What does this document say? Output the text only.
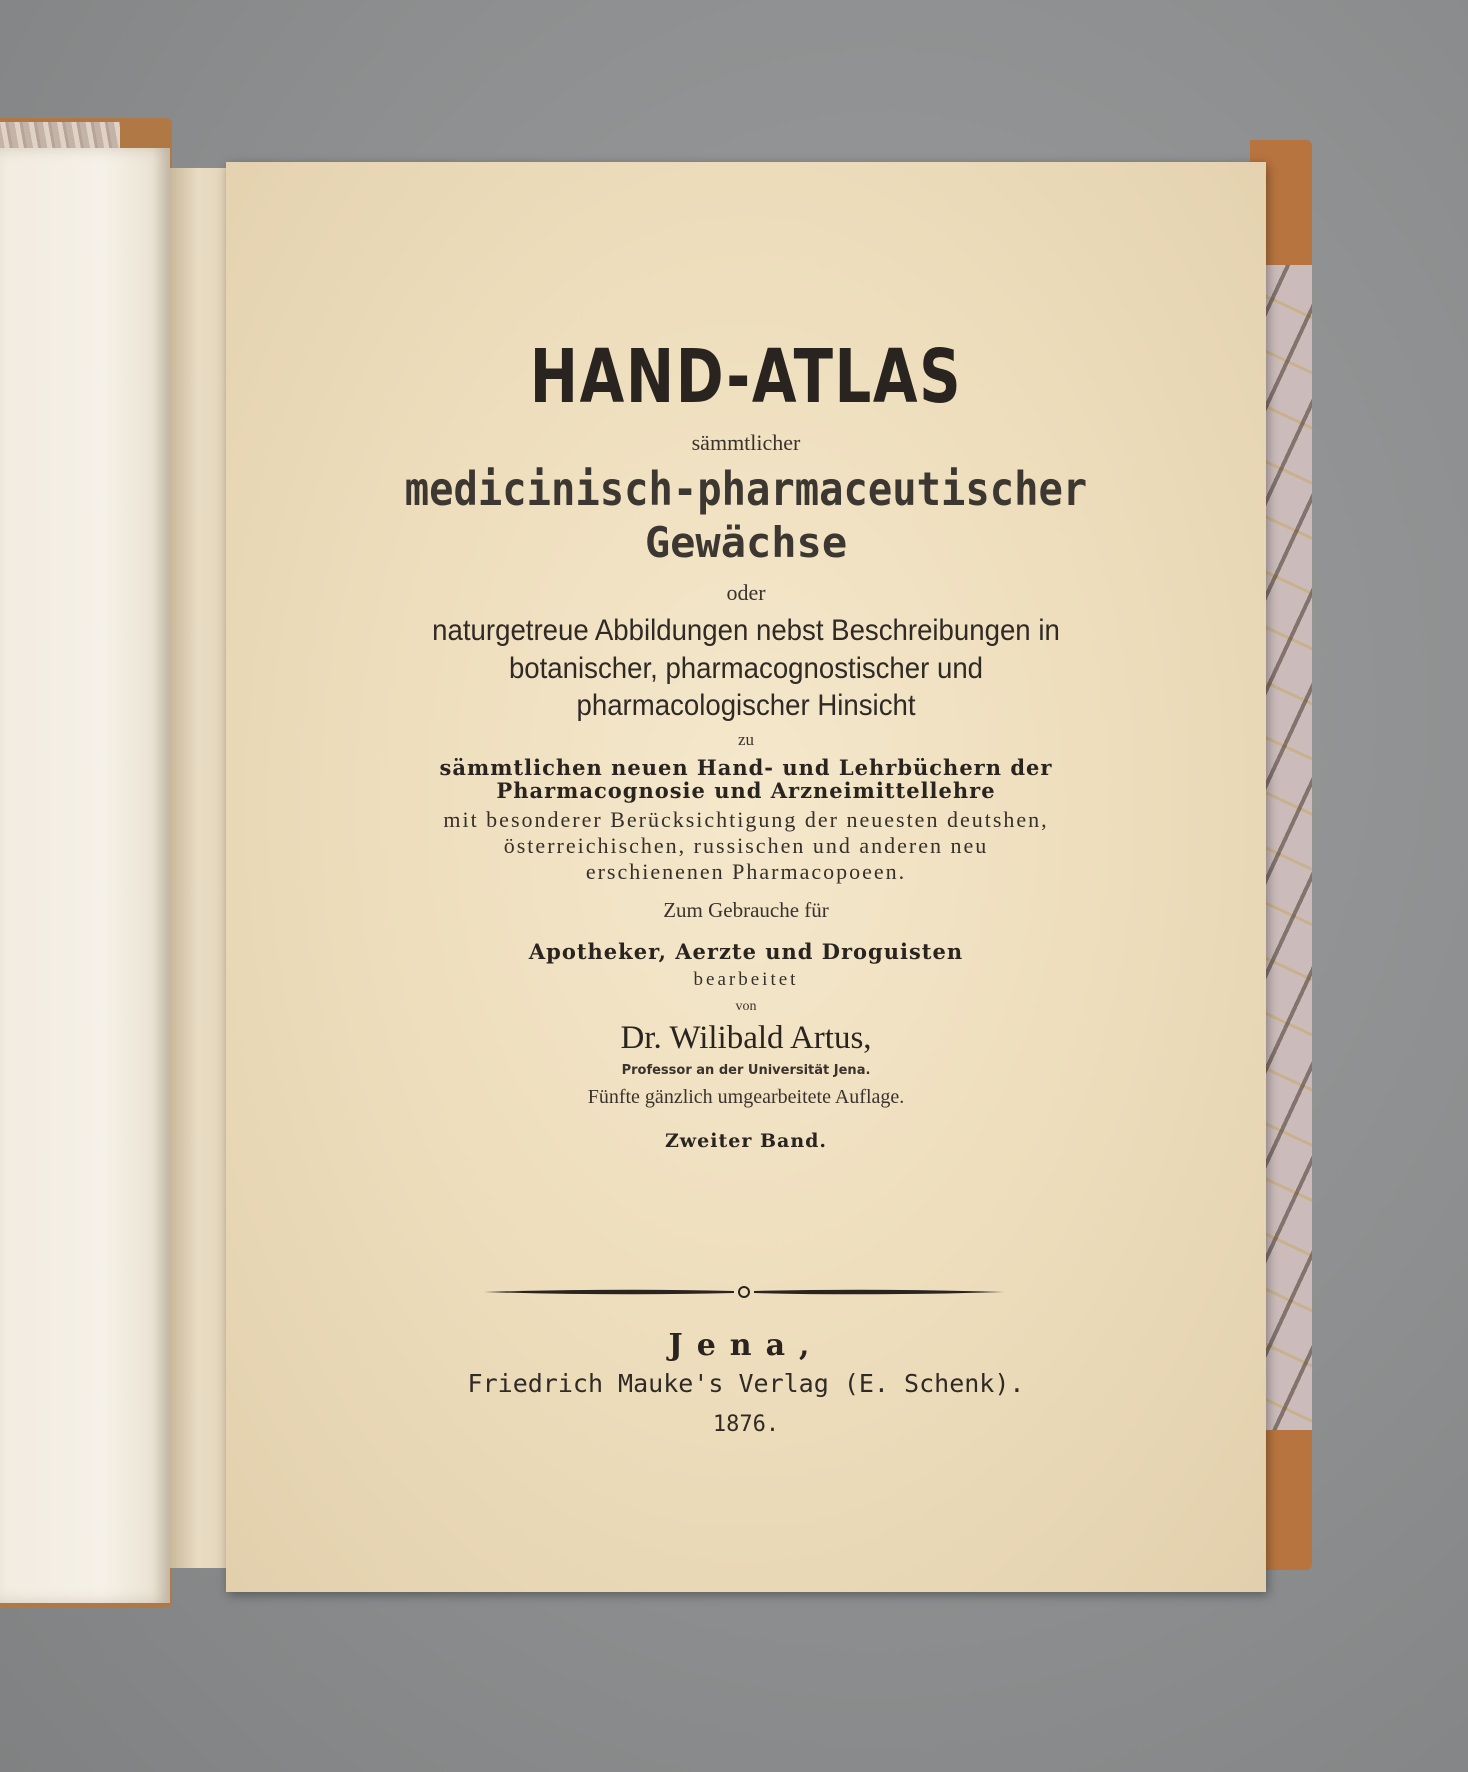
HAND-ATLAS
sämmtlicher
medicinisch-pharmaceutischer
Gewächse
oder
naturgetreue Abbildungen nebst Beschreibungen in
botanischer, pharmacognostischer und
pharmacologischer Hinsicht
zu
sämmtlichen neuen Hand- und Lehrbüchern der
Pharmacognosie und Arzneimittellehre
mit besonderer Berücksichtigung der neuesten deutshen,
österreichischen, russischen und anderen neu
erschienenen Pharmacopoeen.
Zum Gebrauche für
Apotheker, Aerzte und Droguisten
bearbeitet
von
Dr. Wilibald Artus,
Professor an der Universität Jena.
Fünfte gänzlich umgearbeitete Auflage.
Zweiter Band.
Jena,
Friedrich Mauke's Verlag (E. Schenk).
1876.
